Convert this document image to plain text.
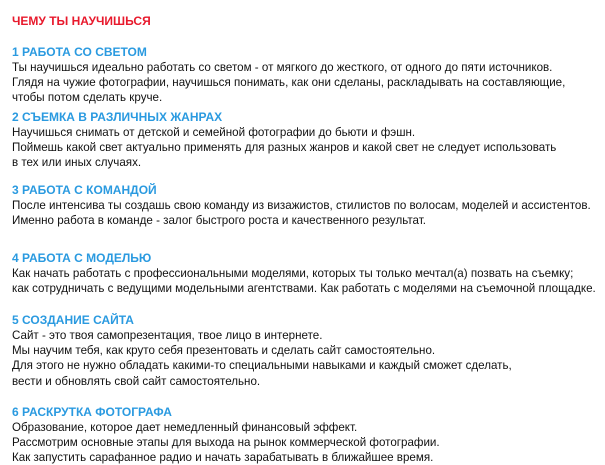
ЧЕМУ ТЫ НАУЧИШЬСЯ
1 РАБОТА СО СВЕТОМ

Ты научишься идеально работать со светом - от мягкого до жесткого, от одного до пяти источников.

Глядя на чужие фотографии, научишься понимать, как они сделаны, раскладывать на составляющие,

чтобы потом сделать круче.

2 СЪЕМКА В РАЗЛИЧНЫХ ЖАНРАХ

Научишься снимать от детской и семейной фотографии до бьюти и фэшн.

Поймешь какой свет актуально применять для разных жанров и какой свет не следует использовать

в тех или иных случаях.

3 РАБОТА С КОМАНДОЙ

После интенсива ты создашь свою команду из визажистов, стилистов по волосам, моделей и ассистентов.

Именно работа в команде - залог быстрого роста и качественного результат.

4 РАБОТА С МОДЕЛЬЮ

Как начать работать с профессиональными моделями, которых ты только мечтал(а) позвать на съемку;

как сотрудничать с ведущими модельными агентствами. Как работать с моделями на съемочной площадке.

5 СОЗДАНИЕ САЙТА

Сайт - это твоя самопрезентация, твое лицо в интернете.

Мы научим тебя, как круто себя презентовать и сделать сайт самостоятельно.

Для этого не нужно обладать какими-то специальными навыками и каждый сможет сделать,

вести и обновлять свой сайт самостоятельно.

6 РАСКРУТКА ФОТОГРАФА

Образование, которое дает немедленный финансовый эффект.

Рассмотрим основные этапы для выхода на рынок коммерческой фотографии.

Как запустить сарафанное радио и начать зарабатывать в ближайшее время.
